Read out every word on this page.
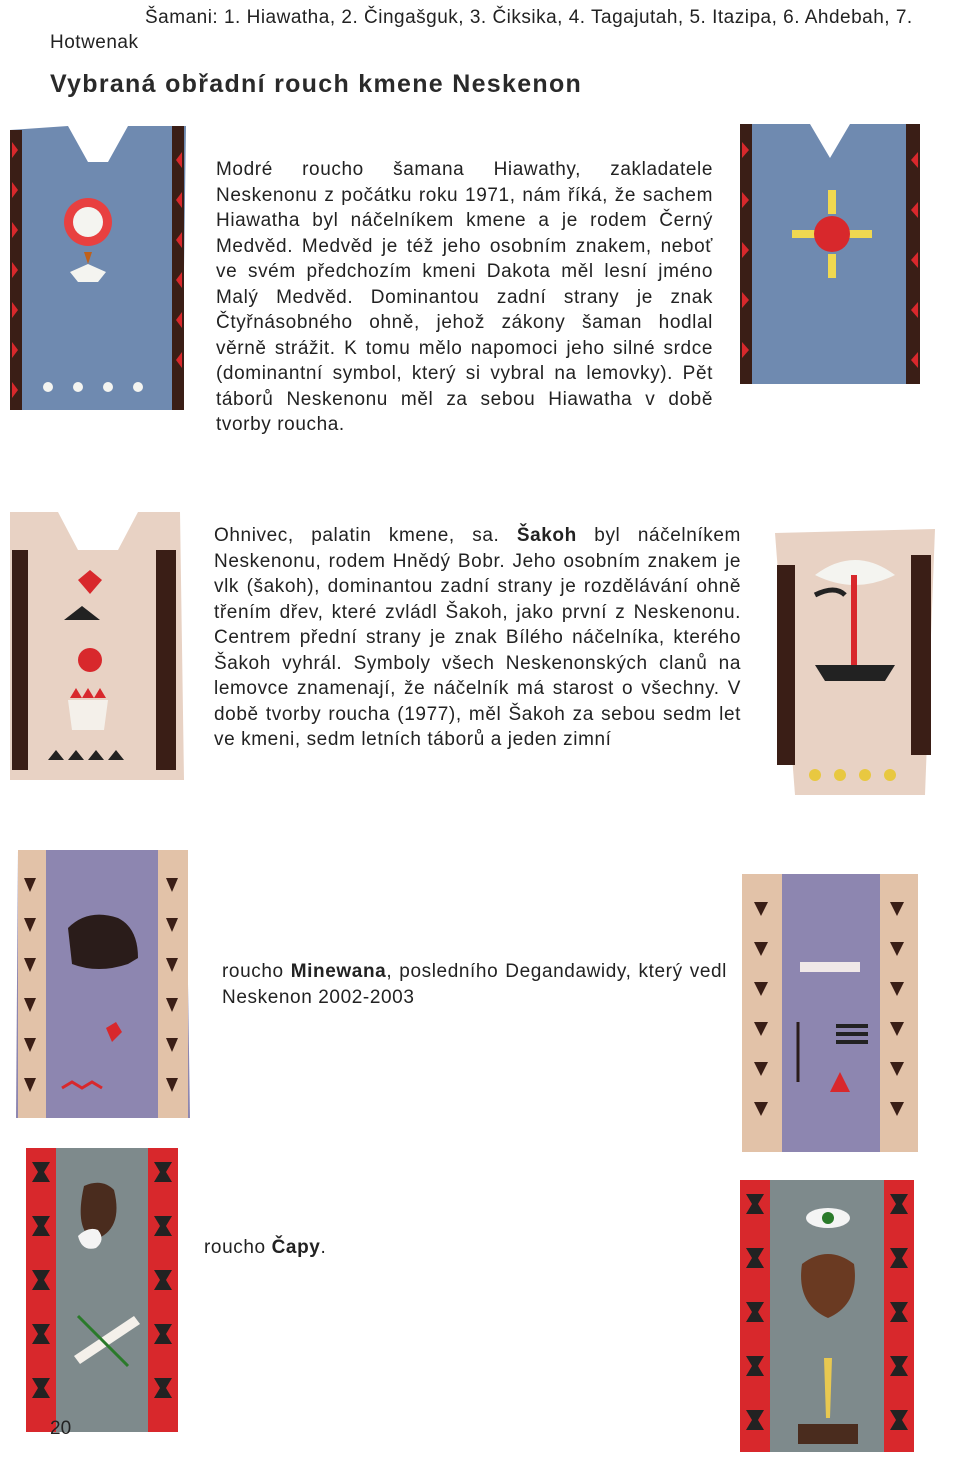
Šamani: 1. Hiawatha, 2. Čingašguk, 3. Čiksika, 4. Tagajutah, 5. Itazipa, 6. Ahdebah, 7. Hotwenak
Vybraná obřadní rouch kmene Neskenon
Modré roucho šamana Hiawathy, zakladatele Neskenonu z počátku roku 1971, nám říká, že sachem Hiawatha byl náčelníkem kmene a je rodem Černý Medvěd. Medvěd je též jeho osobním znakem, neboť ve svém předchozím kmeni Dakota měl lesní jméno Malý Medvěd. Dominantou zadní strany je znak Čtyřnásobného ohně, jehož zákony šaman hodlal věrně strážit. K tomu mělo napomoci jeho silné srdce (dominantní symbol, který si vybral na lemovky). Pět táborů Neskenonu měl za sebou Hiawatha v době tvorby roucha.
Ohnivec, palatin kmene, sa. Šakoh byl náčelníkem Neskenonu, rodem Hnědý Bobr. Jeho osobním znakem je vlk (šakoh), dominantou zadní strany je rozdělávání ohně třením dřev, které zvládl Šakoh, jako první z Neskenonu. Centrem přední strany je znak Bílého náčelníka, kterého Šakoh vyhrál. Symboly všech Neskenonských clanů na lemovce znamenají, že náčelník má starost o všechny. V době tvorby roucha (1977), měl Šakoh za sebou sedm let ve kmeni, sedm letních táborů a jeden zimní
roucho Minewana, posledního Degandawidy, který vedl Neskenon 2002-2003
roucho Čapy.
20
